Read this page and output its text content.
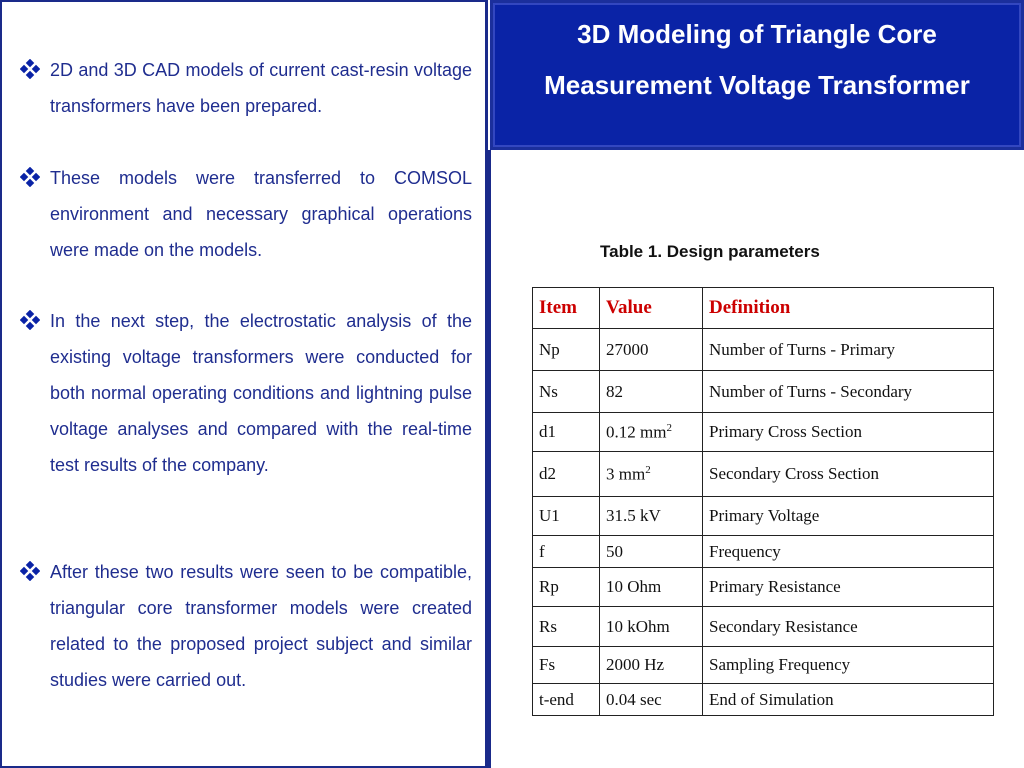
2D and 3D CAD models of current cast-resin voltage transformers have been prepared.
These models were transferred to COMSOL environment and necessary graphical operations were made on the models.
In the next step, the electrostatic analysis of the existing voltage transformers were conducted for both normal operating conditions and lightning pulse voltage analyses and compared with the real-time test results of the company.
After these two results were seen to be compatible, triangular core transformer models were created related to the proposed project subject and similar studies were carried out.
3D Modeling of Triangle Core
Measurement Voltage Transformer
Table 1. Design parameters
Item	Value	Definition
Np	27000	Number of Turns - Primary
Ns	82	Number of Turns - Secondary
d1	0.12 $mm^2$	Primary Cross Section
d2	3 $mm^2$	Secondary Cross Section
U1	31.5 kV	Primary Voltage
f	50	Frequency
Rp	10 Ohm	Primary Resistance
Rs	10 kOhm	Secondary Resistance
Fs	2000 Hz	Sampling Frequency
t-end	0.04 sec	End of Simulation
